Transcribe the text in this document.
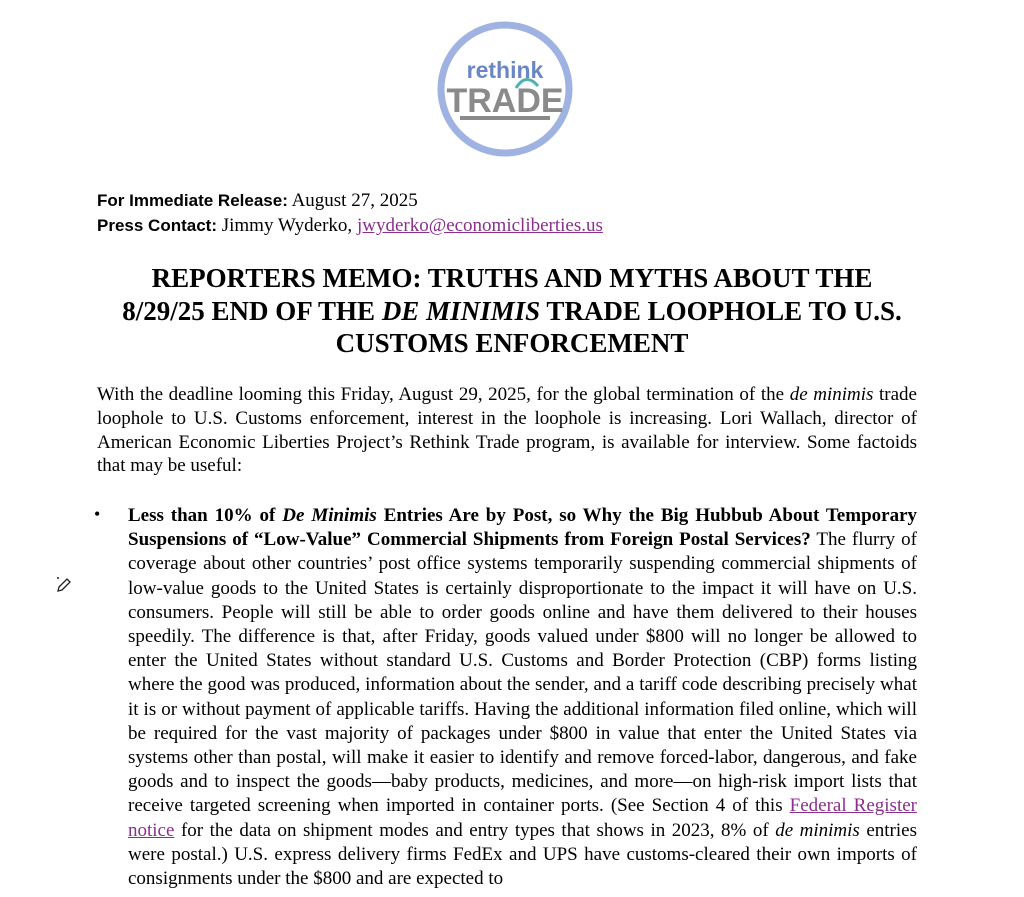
rethink
TRADE
For Immediate Release: August 27, 2025
Press Contact: Jimmy Wyderko, jwyderko@economicliberties.us
REPORTERS MEMO: TRUTHS AND MYTHS ABOUT THE
8/29/25 END OF THE DE MINIMIS TRADE LOOPHOLE TO U.S.
CUSTOMS ENFORCEMENT

With the deadline looming this Friday, August 29, 2025, for the global termination of the de minimis trade loophole to U.S. Customs enforcement, interest in the loophole is increasing. Lori Wallach, director of American Economic Liberties Project’s Rethink Trade program, is available for interview. Some factoids that may be useful:

• Less than 10% of De Minimis Entries Are by Post, so Why the Big Hubbub About Temporary Suspensions of “Low-Value” Commercial Shipments from Foreign Postal Services? The flurry of coverage about other countries’ post office systems temporarily suspending commercial shipments of low-value goods to the United States is certainly disproportionate to the impact it will have on U.S. consumers. People will still be able to order goods online and have them delivered to their houses speedily. The difference is that, after Friday, goods valued under $800 will no longer be allowed to enter the United States without standard U.S. Customs and Border Protection (CBP) forms listing where the good was produced, information about the sender, and a tariff code describing precisely what it is or without payment of applicable tariffs. Having the additional information filed online, which will be required for the vast majority of packages under $800 in value that enter the United States via systems other than postal, will make it easier to identify and remove forced-labor, dangerous, and fake goods and to inspect the goods—baby products, medicines, and more—on high-risk import lists that receive targeted screening when imported in container ports. (See Section 4 of this Federal Register notice for the data on shipment modes and entry types that shows in 2023, 8% of de minimis entries were postal.) U.S. express delivery firms FedEx and UPS have customs-cleared their own imports of consignments under the $800 and are expected to
